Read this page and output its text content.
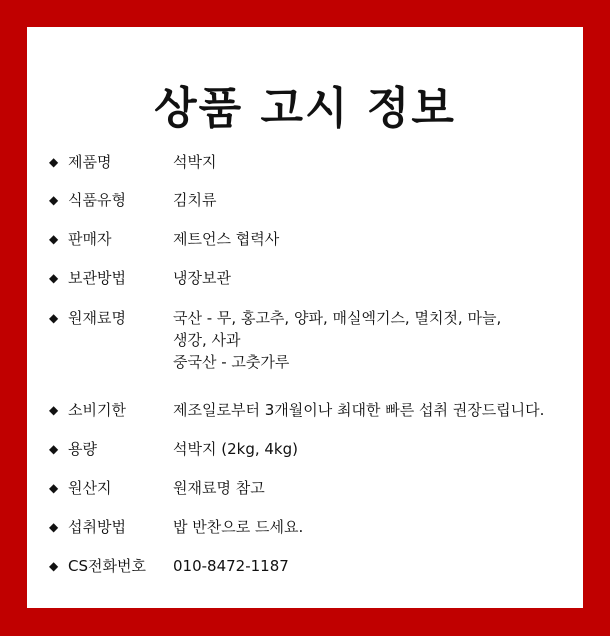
상품 고시 정보
◆ 제품명	석박지
◆ 식품유형	김치류
◆ 판매자	제트언스 협력사
◆ 보관방법	냉장보관
◆ 원재료명	국산 - 무, 홍고추, 양파, 매실엑기스, 멸치젓, 마늘,
생강, 사과
중국산 - 고춧가루
◆ 소비기한	제조일로부터 3개월이나 최대한 빠른 섭취 권장드립니다.
◆ 용량	석박지 (2kg, 4kg)
◆ 원산지	원재료명 참고
◆ 섭취방법	밥 반찬으로 드세요.
◆ CS전화번호 010-8472-1187
